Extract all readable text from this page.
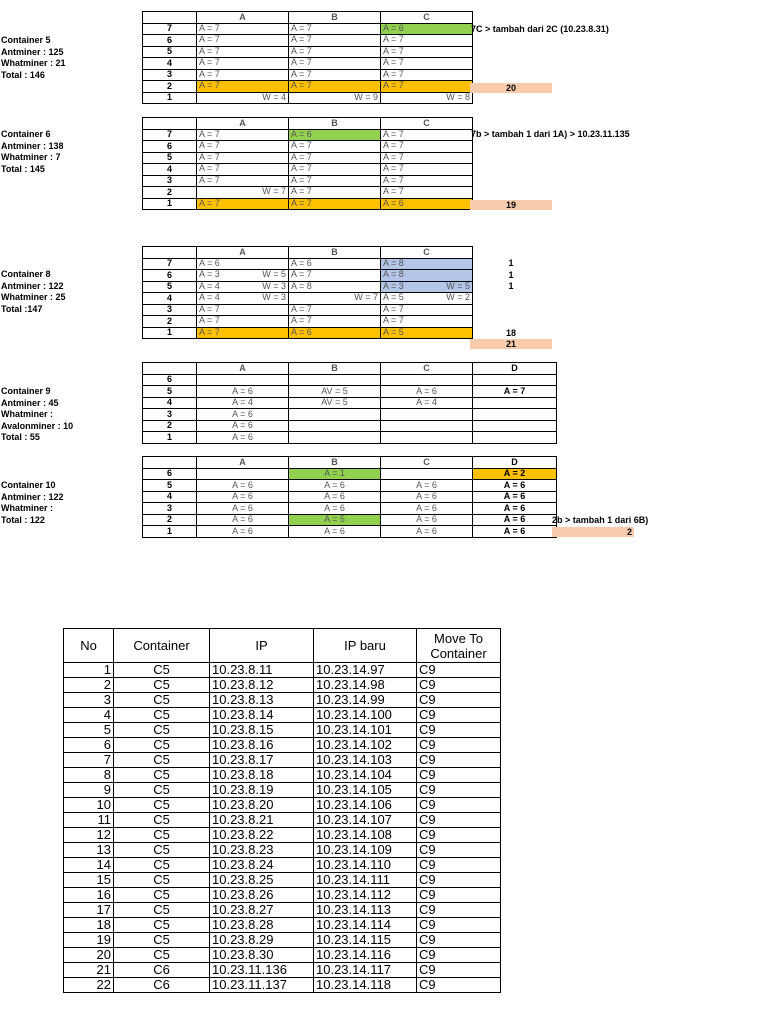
Container 5
Antminer : 125
Whatminer : 21
Total : 146
	A	B	C
7	A = 7	A = 7	A = 6

6	A = 7	A = 7	A = 7

5	A = 7	A = 7	A = 7

4	A = 7	A = 7	A = 7

3	A = 7	A = 7	A = 7

2	A = 7	A = 7	A = 7

1	W = 4	W = 9	W = 8
7C > tambah dari 2C (10.23.8.31)
20
Container 6
Antminer : 138
Whatminer : 7
Total : 145
	A	B	C
7	A = 7	A = 6	A = 7

6	A = 7	A = 7	A = 7

5	A = 7	A = 7	A = 7

4	A = 7	A = 7	A = 7

3	A = 7	A = 7	A = 7

2	W = 7	A = 7	A = 7

1	A = 7	A = 7	A = 6
7b > tambah 1 dari 1A) > 10.23.11.135
19
Container 8
Antminer : 122
Whatminer : 25
Total :147
	A	B	C
7	A = 6	A = 6	A = 8

6	A = 3 W = 5	A = 7	A = 8

5	A = 4 W = 3	A = 8	A = 3 W = 5

4	A = 4 W = 3	W = 7	A = 5 W = 2

3	A = 7	A = 7	A = 7

2	A = 7	A = 7	A = 7

1	A = 7	A = 6	A = 5
1
1
1
18
21
Container 9
Antminer : 45
Whatminer :
Avalonminer : 10
Total : 55
	A	B	C	D
6				
5	A = 6	AV = 5	A = 6	A = 7
4	A = 4	AV = 5	A = 4	
3	A = 6			
2	A = 6			
1	A = 6			
Container 10
Antminer : 122
Whatminer :
Total : 122
	A	B	C	D
6		A = 1		A = 2
5	A = 6	A = 6	A = 6	A = 6
4	A = 6	A = 6	A = 6	A = 6
3	A = 6	A = 6	A = 6	A = 6
2	A = 6	A = 5	A = 6	A = 6
1	A = 6	A = 6	A = 6	A = 6
2b > tambah 1 dari 6B)
2
No	Container	IP	IP baru	Move To Container
1	C5	10.23.8.11	10.23.14.97	C9
2	C5	10.23.8.12	10.23.14.98	C9
3	C5	10.23.8.13	10.23.14.99	C9
4	C5	10.23.8.14	10.23.14.100	C9
5	C5	10.23.8.15	10.23.14.101	C9
6	C5	10.23.8.16	10.23.14.102	C9
7	C5	10.23.8.17	10.23.14.103	C9
8	C5	10.23.8.18	10.23.14.104	C9
9	C5	10.23.8.19	10.23.14.105	C9
10	C5	10.23.8.20	10.23.14.106	C9
11	C5	10.23.8.21	10.23.14.107	C9
12	C5	10.23.8.22	10.23.14.108	C9
13	C5	10.23.8.23	10.23.14.109	C9
14	C5	10.23.8.24	10.23.14.110	C9
15	C5	10.23.8.25	10.23.14.111	C9
16	C5	10.23.8.26	10.23.14.112	C9
17	C5	10.23.8.27	10.23.14.113	C9
18	C5	10.23.8.28	10.23.14.114	C9
19	C5	10.23.8.29	10.23.14.115	C9
20	C5	10.23.8.30	10.23.14.116	C9
21	C6	10.23.11.136	10.23.14.117	C9
22	C6	10.23.11.137	10.23.14.118	C9
